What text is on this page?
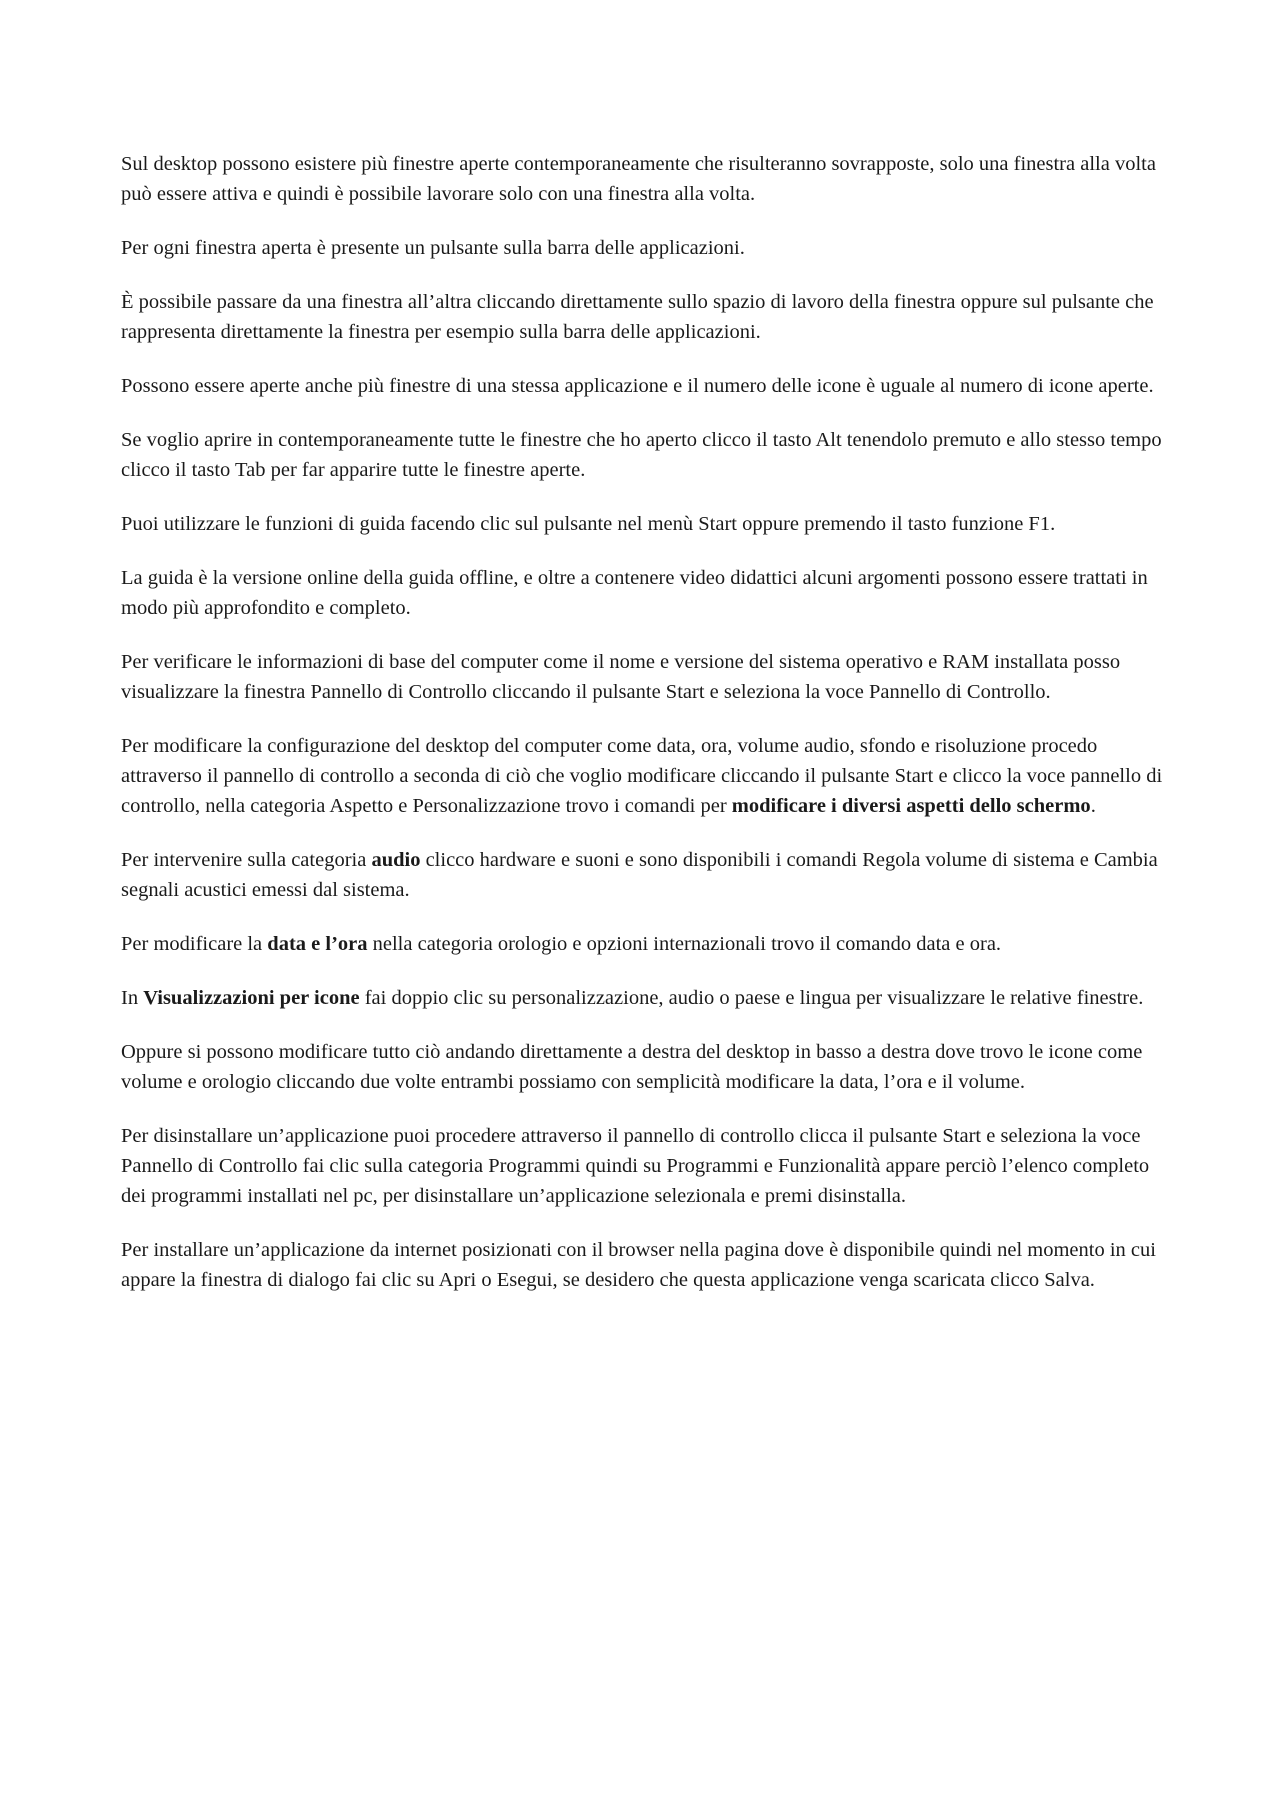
Sul desktop possono esistere più finestre aperte contemporaneamente che risulteranno sovrapposte, solo una finestra alla volta può essere attiva e quindi è possibile lavorare solo con una finestra alla volta.

Per ogni finestra aperta è presente un pulsante sulla barra delle applicazioni.

È possibile passare da una finestra all’altra cliccando direttamente sullo spazio di lavoro della finestra oppure sul pulsante che rappresenta direttamente la finestra per esempio sulla barra delle applicazioni.

Possono essere aperte anche più finestre di una stessa applicazione e il numero delle icone è uguale al numero di icone aperte.

Se voglio aprire in contemporaneamente tutte le finestre che ho aperto clicco il tasto Alt tenendolo premuto e allo stesso tempo clicco il tasto Tab per far apparire tutte le finestre aperte.

Puoi utilizzare le funzioni di guida facendo clic sul pulsante nel menù Start oppure premendo il tasto funzione F1.

La guida è la versione online della guida offline, e oltre a contenere video didattici alcuni argomenti possono essere trattati in modo più approfondito e completo.

Per verificare le informazioni di base del computer come il nome e versione del sistema operativo e RAM installata posso visualizzare la finestra Pannello di Controllo cliccando il pulsante Start e seleziona la voce Pannello di Controllo.

Per modificare la configurazione del desktop del computer come data, ora, volume audio, sfondo e risoluzione procedo attraverso il pannello di controllo a seconda di ciò che voglio modificare cliccando il pulsante Start e clicco la voce pannello di controllo, nella categoria Aspetto e Personalizzazione trovo i comandi per modificare i diversi aspetti dello schermo.

Per intervenire sulla categoria audio clicco hardware e suoni e sono disponibili i comandi Regola volume di sistema e Cambia segnali acustici emessi dal sistema.

Per modificare la data e l’ora nella categoria orologio e opzioni internazionali trovo il comando data e ora.

In Visualizzazioni per icone fai doppio clic su personalizzazione, audio o paese e lingua per visualizzare le relative finestre.

Oppure si possono modificare tutto ciò andando direttamente a destra del desktop in basso a destra dove trovo le icone come volume e orologio cliccando due volte entrambi possiamo con semplicità modificare la data, l’ora e il volume.

Per disinstallare un’applicazione puoi procedere attraverso il pannello di controllo clicca il pulsante Start e seleziona la voce Pannello di Controllo fai clic sulla categoria Programmi quindi su Programmi e Funzionalità appare perciò l’elenco completo dei programmi installati nel pc, per disinstallare un’applicazione selezionala e premi disinstalla.

Per installare un’applicazione da internet posizionati con il browser nella pagina dove è disponibile quindi nel momento in cui appare la finestra di dialogo fai clic su Apri o Esegui, se desidero che questa applicazione venga scaricata clicco Salva.
